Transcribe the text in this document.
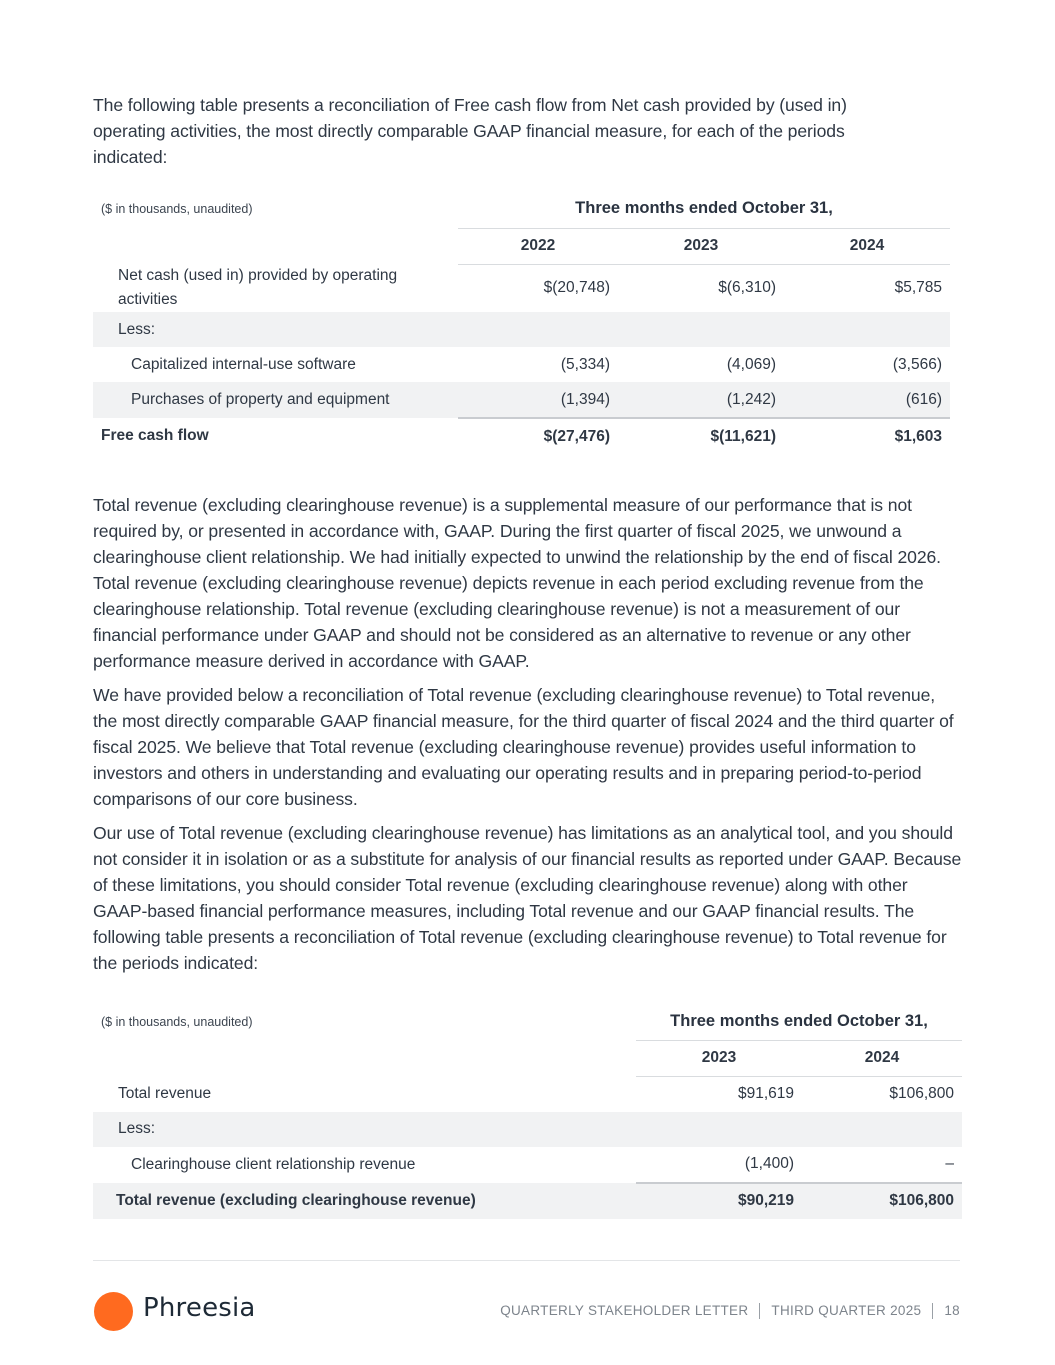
The following table presents a reconciliation of Free cash flow from Net cash provided by (used in) operating activities, the most directly comparable GAAP financial measure, for each of the periods indicated:

Total revenue (excluding clearinghouse revenue) is a supplemental measure of our performance that is not required by, or presented in accordance with, GAAP. During the first quarter of fiscal 2025, we unwound a clearinghouse client relationship. We had initially expected to unwind the relationship by the end of fiscal 2026. Total revenue (excluding clearinghouse revenue) depicts revenue in each period excluding revenue from the clearinghouse relationship. Total revenue (excluding clearinghouse revenue) is not a measurement of our financial performance under GAAP and should not be considered as an alternative to revenue or any other performance measure derived in accordance with GAAP.

We have provided below a reconciliation of Total revenue (excluding clearinghouse revenue) to Total revenue, the most directly comparable GAAP financial measure, for the third quarter of fiscal 2024 and the third quarter of fiscal 2025. We believe that Total revenue (excluding clearinghouse revenue) provides useful information to investors and others in understanding and evaluating our operating results and in preparing period-to-period comparisons of our core business.

Our use of Total revenue (excluding clearinghouse revenue) has limitations as an analytical tool, and you should not consider it in isolation or as a substitute for analysis of our financial results as reported under GAAP. Because of these limitations, you should consider Total revenue (excluding clearinghouse revenue) along with other GAAP-based financial performance measures, including Total revenue and our GAAP financial results. The following table presents a reconciliation of Total revenue (excluding clearinghouse revenue) to Total revenue for the periods indicated:

($ in thousands, unaudited)	Three months ended October 31,		
	2022	2023	2024
Net cash (used in) provided by operating activities	$(20,748)	$(6,310)	$5,785
Less:			
Capitalized internal-use software	(5,334)	(4,069)	(3,566)
Purchases of property and equipment	(1,394)	(1,242)	(616)
Free cash flow	$(27,476)	$(11,621)	$1,603
($ in thousands, unaudited)	Three months ended October 31,	
	2023	2024
Total revenue	$91,619	$106,800
Less:		
Clearinghouse client relationship revenue	(1,400)	–
Total revenue (excluding clearinghouse revenue)	$90,219	$106,800
Phreesia	QUARTERLY STAKEHOLDER LETTER THIRD QUARTER 2025 18
